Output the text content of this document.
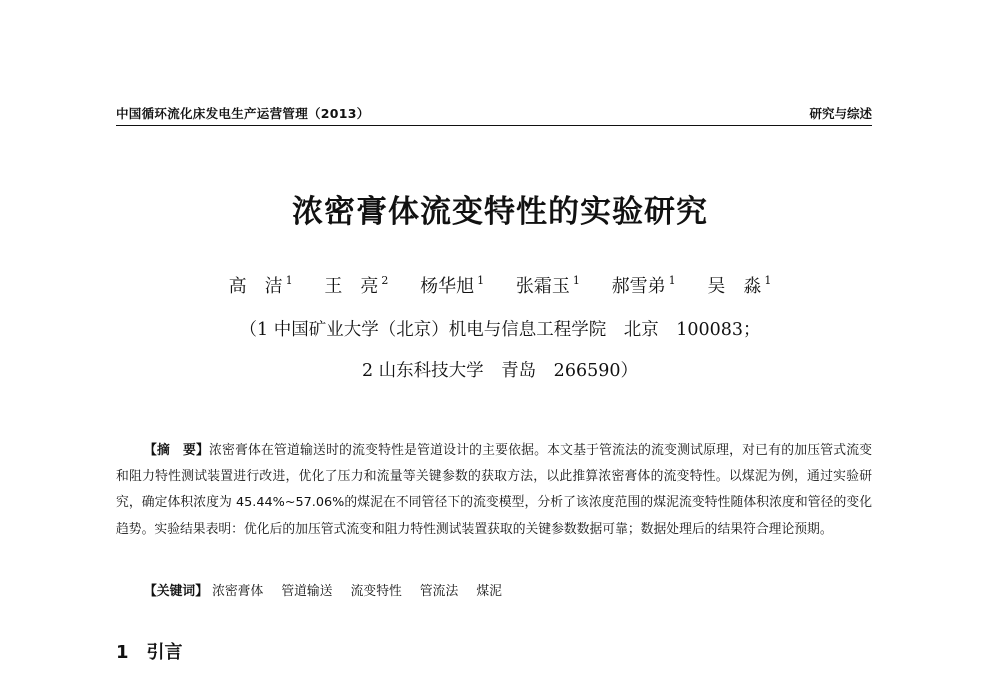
中国循环流化床发电生产运营管理（2013）	研究与综述
浓密膏体流变特性的实验研究
高　洁 $^1$ 王　亮 $^2$ 杨华旭 $^1$ 张霜玉 $^1$ 郝雪弟 $^1$ 吴　淼 $^1$
（1 中国矿业大学（北京）机电与信息工程学院　北京　100083；
2 山东科技大学　青岛　266590）
【摘　要】浓密膏体在管道输送时的流变特性是管道设计的主要依据。本文基于管流法的流变测试原理，对已有的加压管式流变和阻力特性测试装置进行改进，优化了压力和流量等关键参数的获取方法，以此推算浓密膏体的流变特性。以煤泥为例，通过实验研究，确定体积浓度为 45.44%~57.06%的煤泥在不同管径下的流变模型，分析了该浓度范围的煤泥流变特性随体积浓度和管径的变化趋势。实验结果表明：优化后的加压管式流变和阻力特性测试装置获取的关键参数数据可靠；数据处理后的结果符合理论预期。
【关键词】 浓密膏体 管道输送 流变特性 管流法 煤泥
1 引言
